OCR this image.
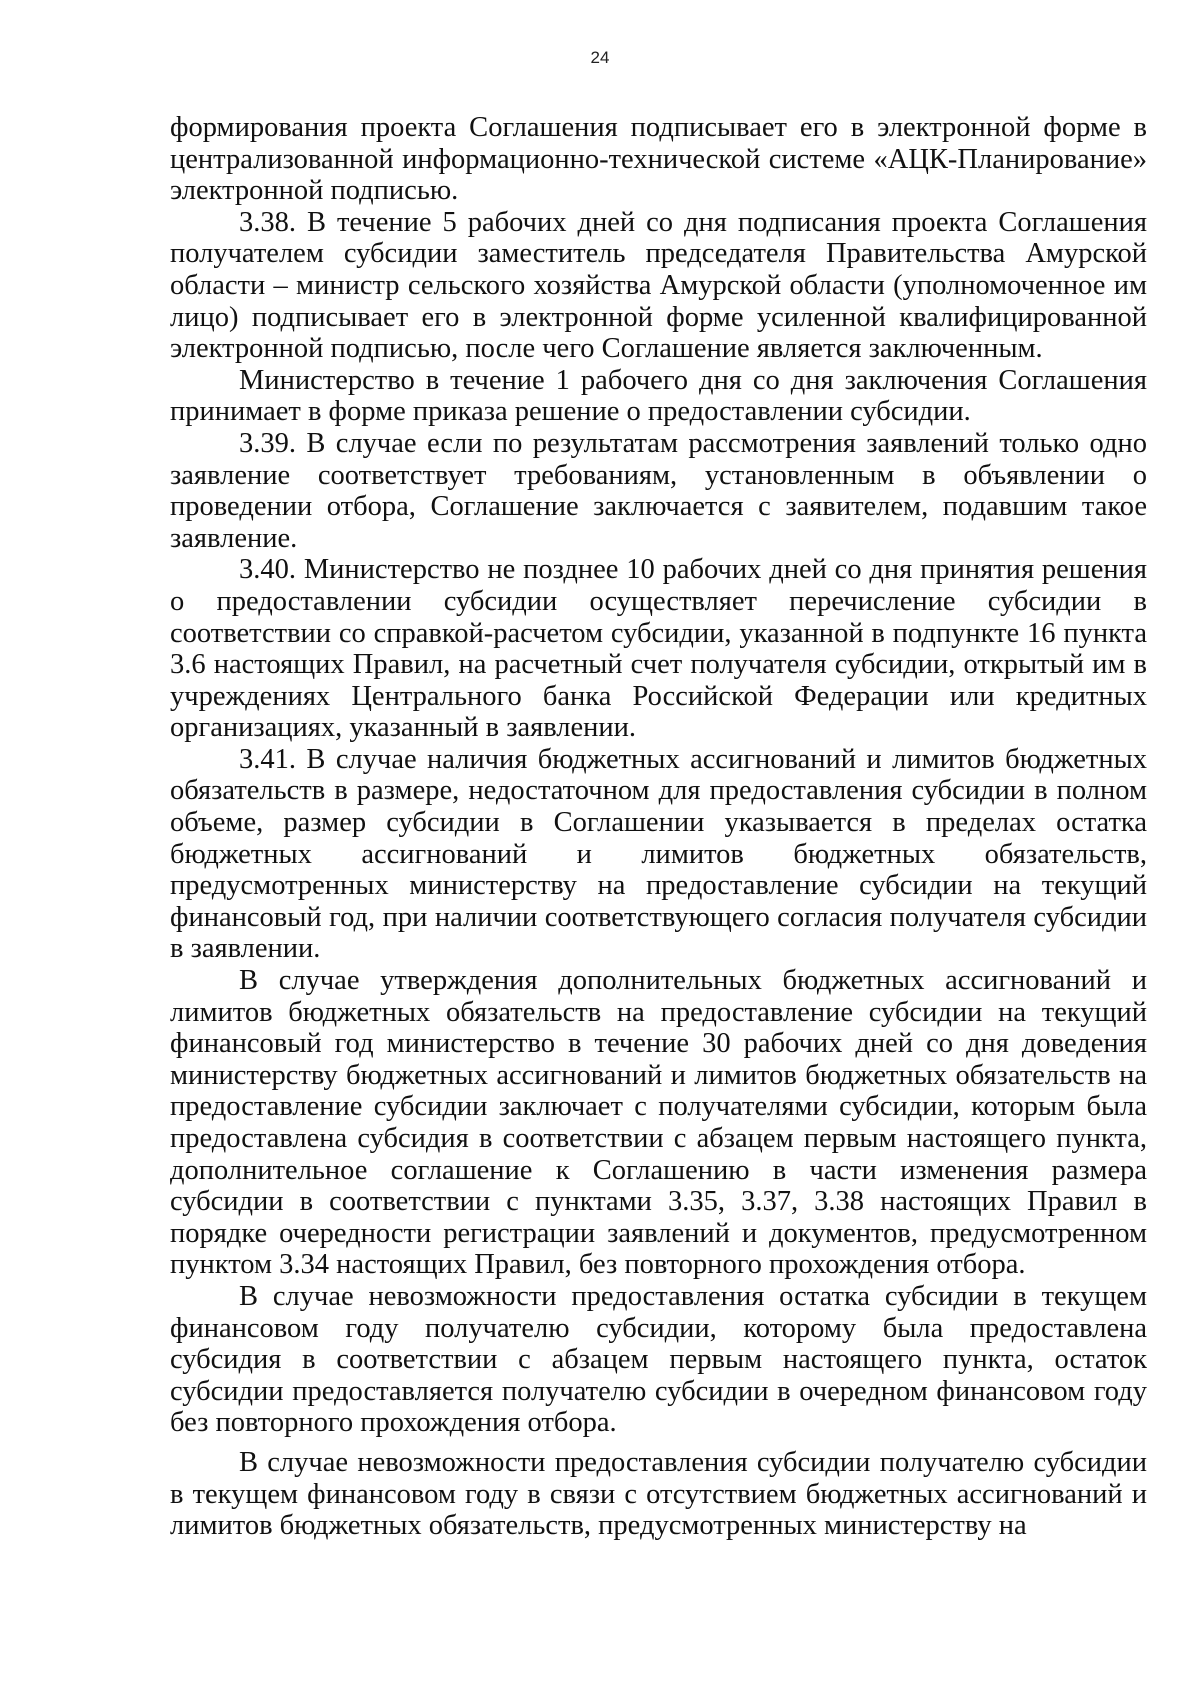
24

формирования проекта Соглашения подписывает его в электронной форме в централизованной информационно-технической системе «АЦК-Планирование» электронной подписью.

3.38. В течение 5 рабочих дней со дня подписания проекта Соглашения получателем субсидии заместитель председателя Правительства Амурской области – министр сельского хозяйства Амурской области (уполномоченное им лицо) подписывает его в электронной форме усиленной квалифицированной электронной подписью, после чего Соглашение является заключенным.

Министерство в течение 1 рабочего дня со дня заключения Соглашения принимает в форме приказа решение о предоставлении субсидии.

3.39. В случае если по результатам рассмотрения заявлений только одно заявление соответствует требованиям, установленным в объявлении о проведении отбора, Соглашение заключается с заявителем, подавшим такое заявление.

3.40. Министерство не позднее 10 рабочих дней со дня принятия решения о предоставлении субсидии осуществляет перечисление субсидии в соответствии со справкой-расчетом субсидии, указанной в подпункте 16 пункта 3.6 настоящих Правил, на расчетный счет получателя субсидии, открытый им в учреждениях Центрального банка Российской Федерации или кредитных организациях, указанный в заявлении.

3.41. В случае наличия бюджетных ассигнований и лимитов бюджетных обязательств в размере, недостаточном для предоставления субсидии в полном объеме, размер субсидии в Соглашении указывается в пределах остатка бюджетных ассигнований и лимитов бюджетных обязательств, предусмотренных министерству на предоставление субсидии на текущий финансовый год, при наличии соответствующего согласия получателя субсидии в заявлении.

В случае утверждения дополнительных бюджетных ассигнований и лимитов бюджетных обязательств на предоставление субсидии на текущий финансовый год министерство в течение 30 рабочих дней со дня доведения министерству бюджетных ассигнований и лимитов бюджетных обязательств на предоставление субсидии заключает с получателями субсидии, которым была предоставлена субсидия в соответствии с абзацем первым настоящего пункта, дополнительное соглашение к Соглашению в части изменения размера субсидии в соответствии с пунктами 3.35, 3.37, 3.38 настоящих Правил в порядке очередности регистрации заявлений и документов, предусмотренном пунктом 3.34 настоящих Правил, без повторного прохождения отбора.

В случае невозможности предоставления остатка субсидии в текущем финансовом году получателю субсидии, которому была предоставлена субсидия в соответствии с абзацем первым настоящего пункта, остаток субсидии предоставляется получателю субсидии в очередном финансовом году без повторного прохождения отбора.

В случае невозможности предоставления субсидии получателю субсидии в текущем финансовом году в связи с отсутствием бюджетных ассигнований и лимитов бюджетных обязательств, предусмотренных министерству на
